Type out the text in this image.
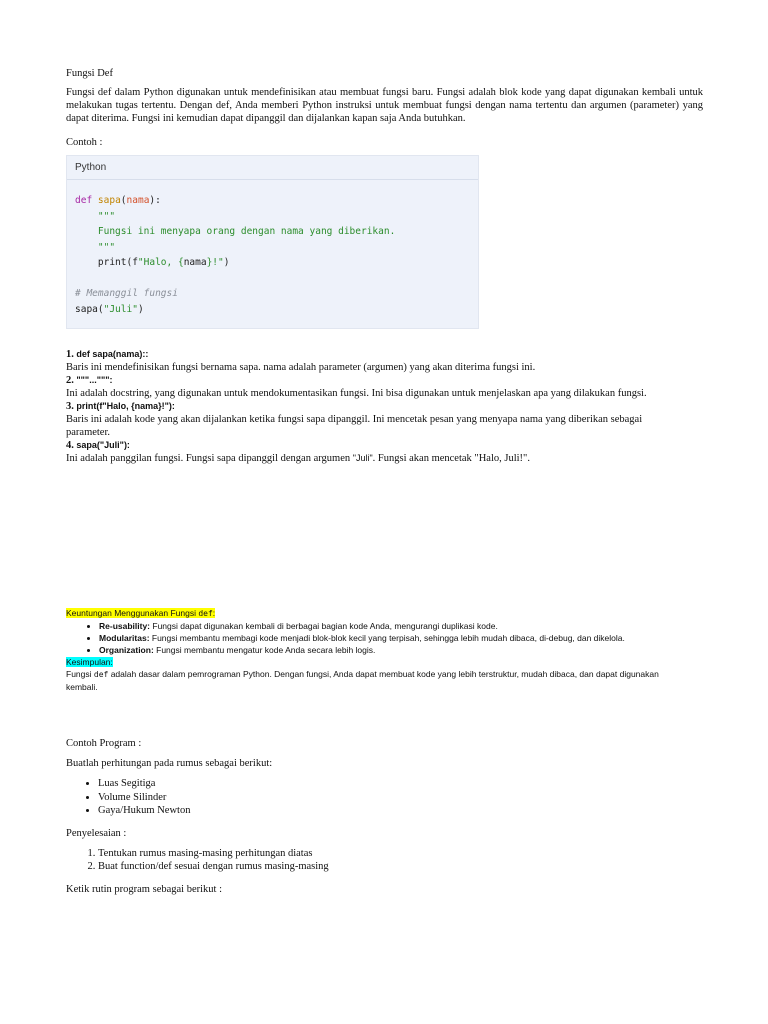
Fungsi Def
Fungsi def dalam Python digunakan untuk mendefinisikan atau membuat fungsi baru. Fungsi adalah blok kode yang dapat digunakan kembali untuk melakukan tugas tertentu. Dengan def, Anda memberi Python instruksi untuk membuat fungsi dengan nama tertentu dan argumen (parameter) yang dapat diterima. Fungsi ini kemudian dapat dipanggil dan dijalankan kapan saja Anda butuhkan.
Contoh :
Python
def sapa(nama):
"""
Fungsi ini menyapa orang dengan nama yang diberikan.
"""
print(f"Halo, {nama}!")
# Memanggil fungsi
sapa("Juli")
1. def sapa(nama)::
Baris ini mendefinisikan fungsi bernama sapa. nama adalah parameter (argumen) yang akan diterima fungsi ini.
2. """...""":
Ini adalah docstring, yang digunakan untuk mendokumentasikan fungsi. Ini bisa digunakan untuk menjelaskan apa yang dilakukan fungsi.
3. print(f"Halo, {nama}!"):
Baris ini adalah kode yang akan dijalankan ketika fungsi sapa dipanggil. Ini mencetak pesan yang menyapa nama yang diberikan sebagai parameter.
4. sapa("Juli"):
Ini adalah panggilan fungsi. Fungsi sapa dipanggil dengan argumen "Juli". Fungsi akan mencetak "Halo, Juli!".
Keuntungan Menggunakan Fungsi def:
• Re-usability: Fungsi dapat digunakan kembali di berbagai bagian kode Anda, mengurangi duplikasi kode.
• Modularitas: Fungsi membantu membagi kode menjadi blok-blok kecil yang terpisah, sehingga lebih mudah dibaca, di-debug, dan dikelola.
• Organization: Fungsi membantu mengatur kode Anda secara lebih logis.
Kesimpulan:
Fungsi def adalah dasar dalam pemrograman Python. Dengan fungsi, Anda dapat membuat kode yang lebih terstruktur, mudah dibaca, dan dapat digunakan kembali.

Contoh Program :

Buatlah perhitungan pada rumus sebagai berikut:

• Luas Segitiga
• Volume Silinder
• Gaya/Hukum Newton

Penyelesaian :

1. Tentukan rumus masing-masing perhitungan diatas
2. Buat function/def sesuai dengan rumus masing-masing

Ketik rutin program sebagai berikut :
